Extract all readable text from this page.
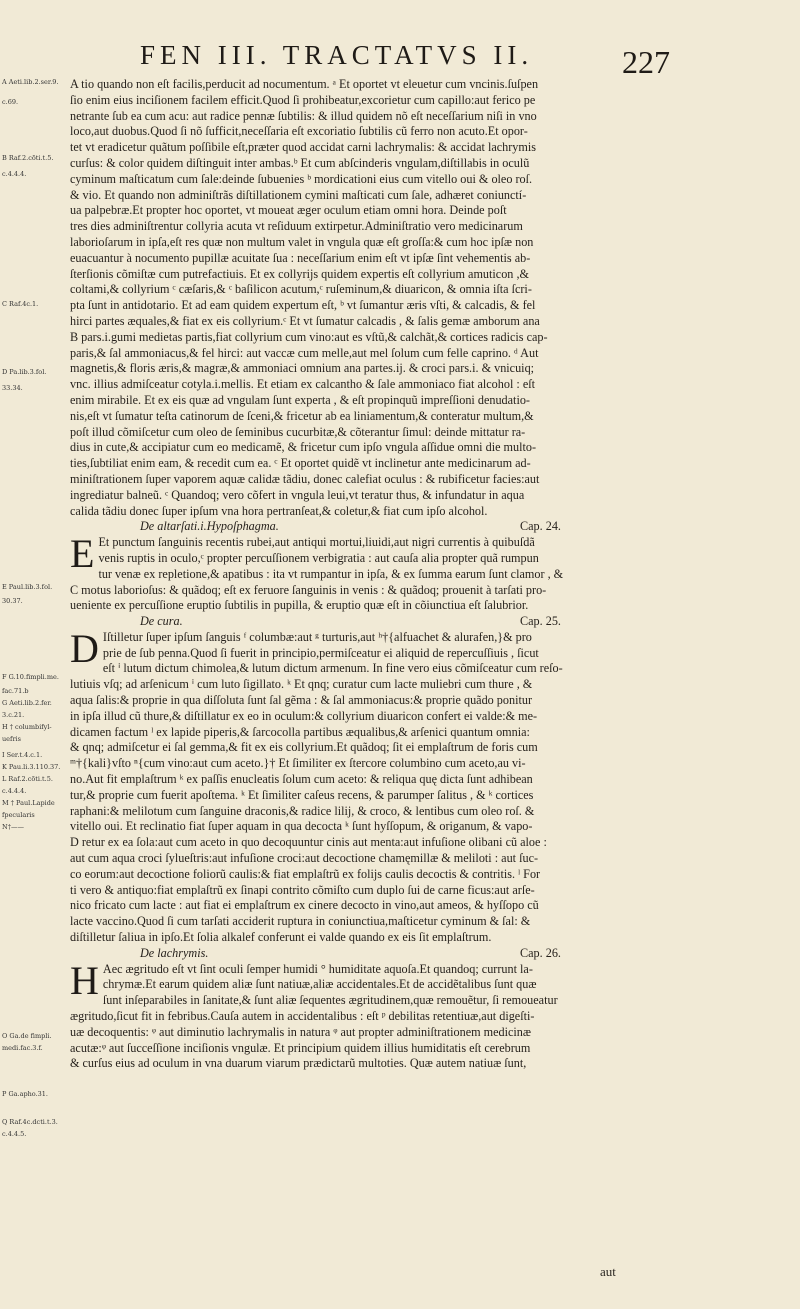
FEN III. TRACTATVS II.	227
A Aeti.lib.2.ser.9.
c.69.
B Raf.2.cõti.t.5.
c.4.4.4.
C Raf.4c.1.
D Pa.lib.3.fol.
33.34.
E Paul.lib.3.fol.
30.37.
F G.10.fimpli.me.
fac.71.b
G Aeti.lib.2.fer.
3.c.21.
H † columbifyl-
uefris
I Ser.t.4.c.1.
K Pau.li.3.110.37.
L Raf.2.cõti.t.5.
c.4.4.4.
M † Paul.Lapide
fpecularis
N†——
O Ga.de fimpli.
medi.fac.3.f.
P Ga.apho.31.
Q Raf.4c.dcti.t.3.
c.4.4.5.
A tio quando non eſt facilis,perducit ad nocumentum. ᵃ Et oportet vt eleuetur cum vncinis.ſuſpen
ſio enim eius inciſionem facilem efficit.Quod ſi prohibeatur,excorietur cum capillo:aut ferico pe
netrante ſub ea cum acu: aut radice pennæ ſubtilis: & illud quidem nõ eſt neceſſarium niſi in vno
loco,aut duobus.Quod ſi nõ ſufficit,neceſſaria eſt excoriatio ſubtilis cũ ferro non acuto.Et opor-
tet vt eradicetur quãtum poſſibile eſt,præter quod accidat carni lachrymalis: & accidat lachrymis
curſus: & color quidem diſtinguit inter ambas.ᵇ Et cum abſcinderis vngulam,diſtillabis in oculũ
cyminum maſticatum cum ſale:deinde ſubuenies ᵇ mordicationi eius cum vitello oui & oleo roſ.
& vio. Et quando non adminiſtrãs diſtillationem cymini maſticati cum ſale, adhæret coniunctí-
ua palpebræ.Et propter hoc oportet, vt moueat æger oculum etiam omni hora. Deinde poſt
tres dies adminiſtrentur collyria acuta vt reſiduum extirpetur.Adminiſtratio vero medicinarum
laborioſarum in ipſa,eſt res quæ non multum valet in vngula quæ eſt groſſa:& cum hoc ipſæ non
euacuantur à nocumento pupillæ acuitate ſua : neceſſarium enim eſt vt ipſæ ſint vehementis ab-
ſterſionis cõmiſtæ cum putrefactiuis. Et ex collyrijs quidem expertis eſt collyrium amuticon ,&
coltami,& collyrium ᶜ cæſaris,& ᶜ baſilicon acutum,ᶜ ruſeminum,& diuaricon, & omnia iſta ſcri-
pta ſunt in antidotario. Et ad eam quidem expertum eſt, ᵇ vt ſumantur æris vſti, & calcadis, & fel
hirci partes æquales,& fiat ex eis collyrium.ᶜ Et vt ſumatur calcadis , & ſalis gemæ amborum ana
B pars.i.gumi medietas partis,fiat collyrium cum vino:aut es vſtũ,& calchãt,& cortices radicis cap-
paris,& ſal ammoniacus,& fel hirci: aut vaccæ cum melle,aut mel ſolum cum felle caprino. ᵈ Aut
magnetis,& floris æris,& magræ,& ammoniaci omnium ana partes.ij. & croci pars.i. & vnicuiq;
vnc. illius admiſceatur cotyla.i.mellis. Et etiam ex calcantho & ſale ammoniaco fiat alcohol : eſt
enim mirabile. Et ex eis quæ ad vngulam ſunt experta , & eſt propinquũ impreſſioni denudatio-
nis,eſt vt ſumatur teſta catinorum de ſceni,& fricetur ab ea liniamentum,& conteratur multum,&
poſt illud cõmiſcetur cum oleo de ſeminibus cucurbitæ,& cõterantur ſimul: deinde mittatur ra-
dius in cute,& accipiatur cum eo medicamẽ, & fricetur cum ipſo vngula aſſidue omni die multo-
ties,ſubtiliat enim eam, & recedit cum ea. ᶜ Et oportet quidẽ vt inclinetur ante medicinarum ad-
miniſtrationem ſuper vaporem aquæ calidæ tãdiu, donec calefiat oculus : & rubificetur facies:aut
ingrediatur balneũ. ᶜ Quandoq; vero cõfert in vngula leui,vt teratur thus, & infundatur in aqua
calida tãdiu donec ſuper ipſum vna hora pertranſeat,& coletur,& fiat cum ipſo alcohol.
De altarſati.i.Hypoſphagma.	Cap. 24.
E Et punctum ſanguinis recentis rubei,aut antiqui mortui,liuidi,aut nigri currentis à quibuſdã
venis ruptis in oculo,ᶜ propter percuſſionem verbigratia : aut cauſa alia propter quã rumpun
tur venæ ex repletione,& apatibus : ita vt rumpantur in ipſa, & ex ſumma earum ſunt clamor , &
C motus laborioſus: & quãdoq; eſt ex feruore ſanguinis in venis : & quãdoq; prouenit à tarſati pro-
ueniente ex percuſſione eruptio ſubtilis in pupilla, & eruptio quæ eſt in cõiunctiua eſt ſalubrior.
De cura.	Cap. 25.
D Iſtilletur ſuper ipſum ſanguis ᶠ columbæ:aut ᵍ turturis,aut ʰ†{alfuachet & alurafen,}& pro
prie de ſub penna.Quod ſi fuerit in principio,permiſceatur ei aliquid de repercuſſiuis , ſicut
eſt ⁱ lutum dictum chimolea,& lutum dictum armenum. In fine vero eius cõmiſceatur cum reſo-
lutiuis vſq; ad arſenicum ⁱ cum luto ſigillato. ᵏ Et qnq; curatur cum lacte muliebri cum thure , &
aqua ſalis:& proprie in qua diſſoluta ſunt ſal gẽma : & ſal ammoniacus:& proprie quãdo ponitur
in ipſa illud cũ thure,& diſtillatur ex eo in oculum:& collyrium diuaricon confert ei valde:& me-
dicamen factum ˡ ex lapide piperis,& ſarcocolla partibus æqualibus,& arſenici quantum omnia:
& qnq; admiſcetur ei ſal gemma,& fit ex eis collyrium.Et quãdoq; ſit ei emplaſtrum de foris cum
ᵐ†{kali}vſto ⁿ{cum vino:aut cum aceto.}† Et ſimiliter ex ſtercore columbino cum aceto,au vi-
no.Aut fit emplaſtrum ᵏ ex paſſis enucleatis ſolum cum aceto: & reliqua quę dicta ſunt adhibean
tur,& proprie cum fuerit apoſtema. ᵏ Et ſimiliter caſeus recens, & parumper ſalitus , & ᵏ cortices
raphani:& melilotum cum ſanguine draconis,& radice lilij, & croco, & lentibus cum oleo roſ. &
vitello oui. Et reclinatio fiat ſuper aquam in qua decocta ᵏ ſunt hyſſopum, & origanum, & vapo-
D retur ex ea ſola:aut cum aceto in quo decoquuntur cinis aut menta:aut infuſione olibani cũ aloe :
aut cum aqua croci ſylueſtris:aut infuſione croci:aut decoctione chamęmillæ & meliloti : aut ſuc-
co eorum:aut decoctione foliorũ caulis:& fiat emplaſtrũ ex folijs caulis decoctis & contritis. ˡ For
ti vero & antiquo:fiat emplaſtrũ ex ſinapi contrito cõmiſto cum duplo ſui de carne ficus:aut arſe-
nico fricato cum lacte : aut fiat ei emplaſtrum ex cinere decocto in vino,aut ameos, & hyſſopo cũ
lacte vaccino.Quod ſi cum tarſati acciderit ruptura in coniunctiua,maſticetur cyminum & ſal: &
diſtilletur ſaliua in ipſo.Et ſolia alkalef conferunt ei valde quando ex eis ſit emplaſtrum.
De lachrymis.	Cap. 26.
H Aec ægritudo eſt vt ſint oculi ſemper humidi ° humiditate aquoſa.Et quandoq; currunt la-
chrymæ.Et earum quidem aliæ ſunt natiuæ,aliæ accidentales.Et de accidẽtalibus ſunt quæ
ſunt inſeparabiles in ſanitate,& ſunt aliæ ſequentes ægritudinem,quæ remouẽtur, ſi remoueatur
ægritudo,ſicut fit in febribus.Cauſa autem in accidentalibus : eſt ᵖ debilitas retentiuæ,aut digeſti-
uæ decoquentis: ᵠ aut diminutio lachrymalis in natura ᵠ aut propter adminiſtrationem medicinæ
acutæ:ᵠ aut ſucceſſione inciſionis vngulæ. Et principium quidem illius humiditatis eſt cerebrum
& curſus eius ad oculum in vna duarum viarum prædictarũ multoties. Quæ autem natiuæ ſunt,
aut
